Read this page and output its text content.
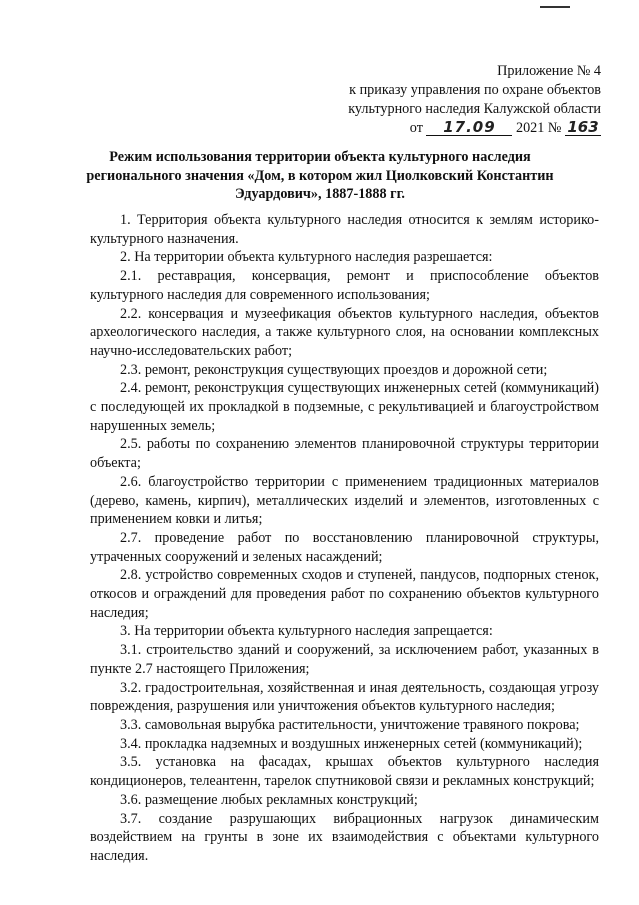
Приложение № 4
к приказу управления по охране объектов
культурного наследия Калужской области
от 17.09 2021 № 163
Режим использования территории объекта культурного наследия
регионального значения «Дом, в котором жил Циолковский Константин
Эдуардович», 1887-1888 гг.

1. Территория объекта культурного наследия относится к землям историко-культурного назначения.

2. На территории объекта культурного наследия разрешается:

2.1. реставрация, консервация, ремонт и приспособление объектов культурного наследия для современного использования;

2.2. консервация и музеефикация объектов культурного наследия, объектов археологического наследия, а также культурного слоя, на основании комплексных научно-исследовательских работ;

2.3. ремонт, реконструкция существующих проездов и дорожной сети;

2.4. ремонт, реконструкция существующих инженерных сетей (коммуникаций) с последующей их прокладкой в подземные, с рекультивацией и благоустройством нарушенных земель;

2.5. работы по сохранению элементов планировочной структуры территории объекта;

2.6. благоустройство территории с применением традиционных материалов (дерево, камень, кирпич), металлических изделий и элементов, изготовленных с применением ковки и литья;

2.7. проведение работ по восстановлению планировочной структуры, утраченных сооружений и зеленых насаждений;

2.8. устройство современных сходов и ступеней, пандусов, подпорных стенок, откосов и ограждений для проведения работ по сохранению объектов культурного наследия;

3. На территории объекта культурного наследия запрещается:

3.1. строительство зданий и сооружений, за исключением работ, указанных в пункте 2.7 настоящего Приложения;

3.2. градостроительная, хозяйственная и иная деятельность, создающая угрозу повреждения, разрушения или уничтожения объектов культурного наследия;

3.3. самовольная вырубка растительности, уничтожение травяного покрова;

3.4. прокладка надземных и воздушных инженерных сетей (коммуникаций);

3.5. установка на фасадах, крышах объектов культурного наследия кондиционеров, телеантенн, тарелок спутниковой связи и рекламных конструкций;

3.6. размещение любых рекламных конструкций;

3.7. создание разрушающих вибрационных нагрузок динамическим воздействием на грунты в зоне их взаимодействия с объектами культурного наследия.
